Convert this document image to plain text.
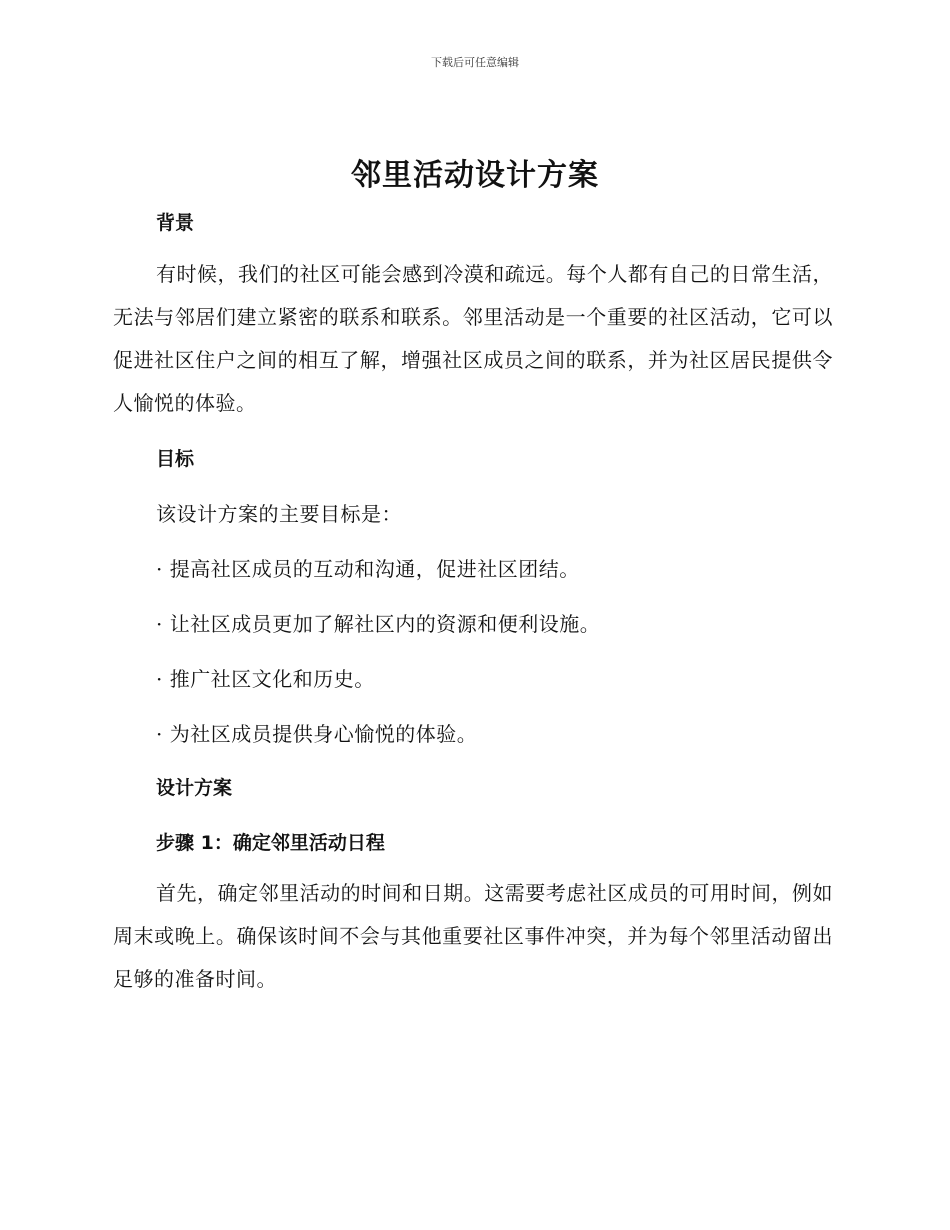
下载后可任意编辑
邻里活动设计方案
背景
有时候，我们的社区可能会感到冷漠和疏远。每个人都有自己的日常生活，无法与邻居们建立紧密的联系和联系。邻里活动是一个重要的社区活动，它可以促进社区住户之间的相互了解，增强社区成员之间的联系，并为社区居民提供令人愉悦的体验。
目标
该设计方案的主要目标是：
· 提高社区成员的互动和沟通，促进社区团结。
· 让社区成员更加了解社区内的资源和便利设施。
· 推广社区文化和历史。
· 为社区成员提供身心愉悦的体验。
设计方案
步骤 1：确定邻里活动日程
首先，确定邻里活动的时间和日期。这需要考虑社区成员的可用时间，例如周末或晚上。确保该时间不会与其他重要社区事件冲突，并为每个邻里活动留出足够的准备时间。
